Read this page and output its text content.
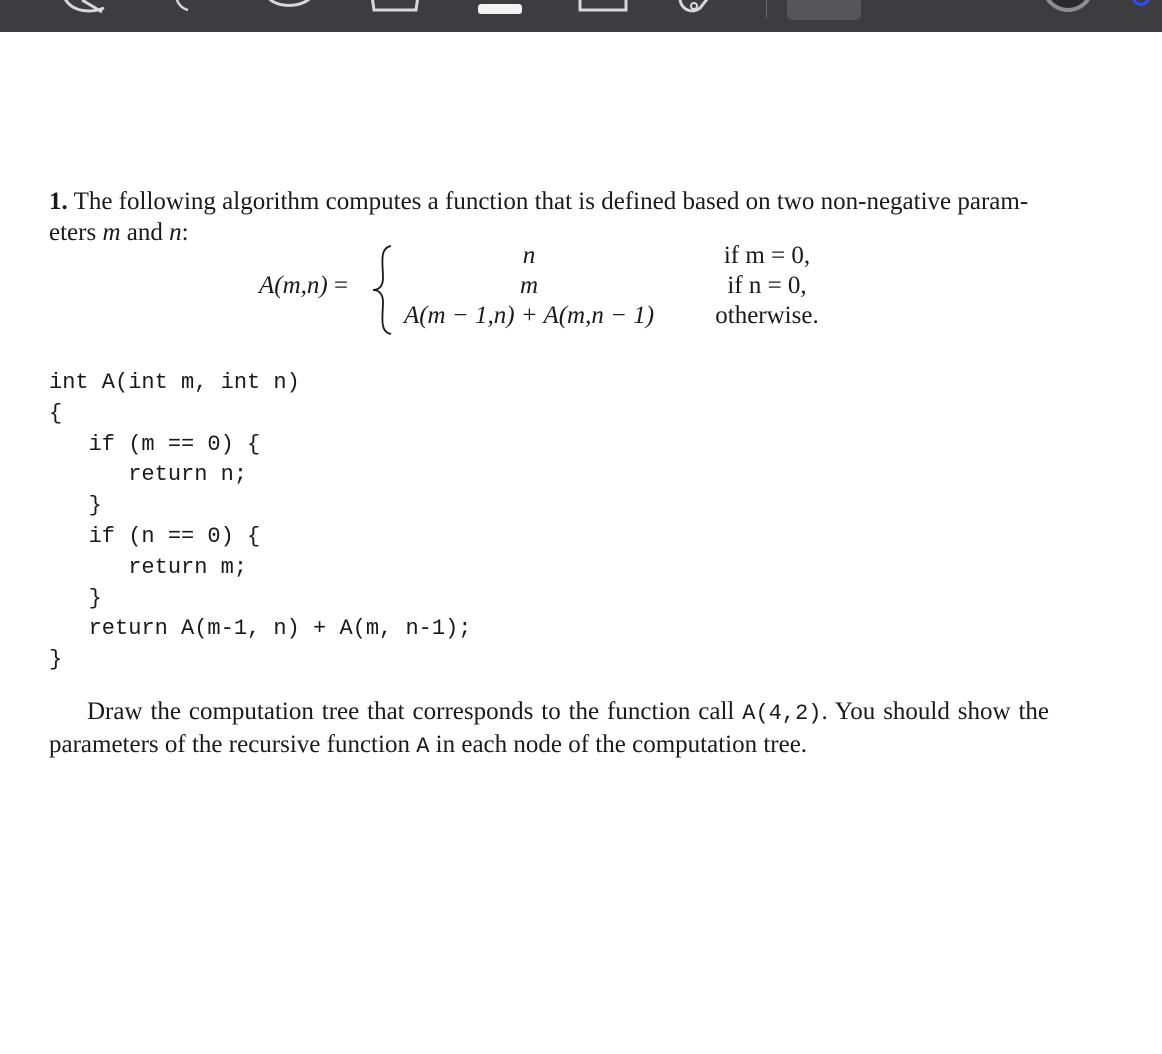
1. The following algorithm computes a function that is defined based on two non-negative param-
eters m and n:

A(m,n) =
n
m
A(m − 1,n) + A(m,n − 1)
if m = 0,
if n = 0,
otherwise.
int A(int m, int n)
{
if (m == 0) {
return n;
}
if (n == 0) {
return m;
}
return A(m-1, n) + A(m, n-1);
}

Draw the computation tree that corresponds to the function call A(4,2). You should show the parameters of the recursive function A in each node of the computation tree.
